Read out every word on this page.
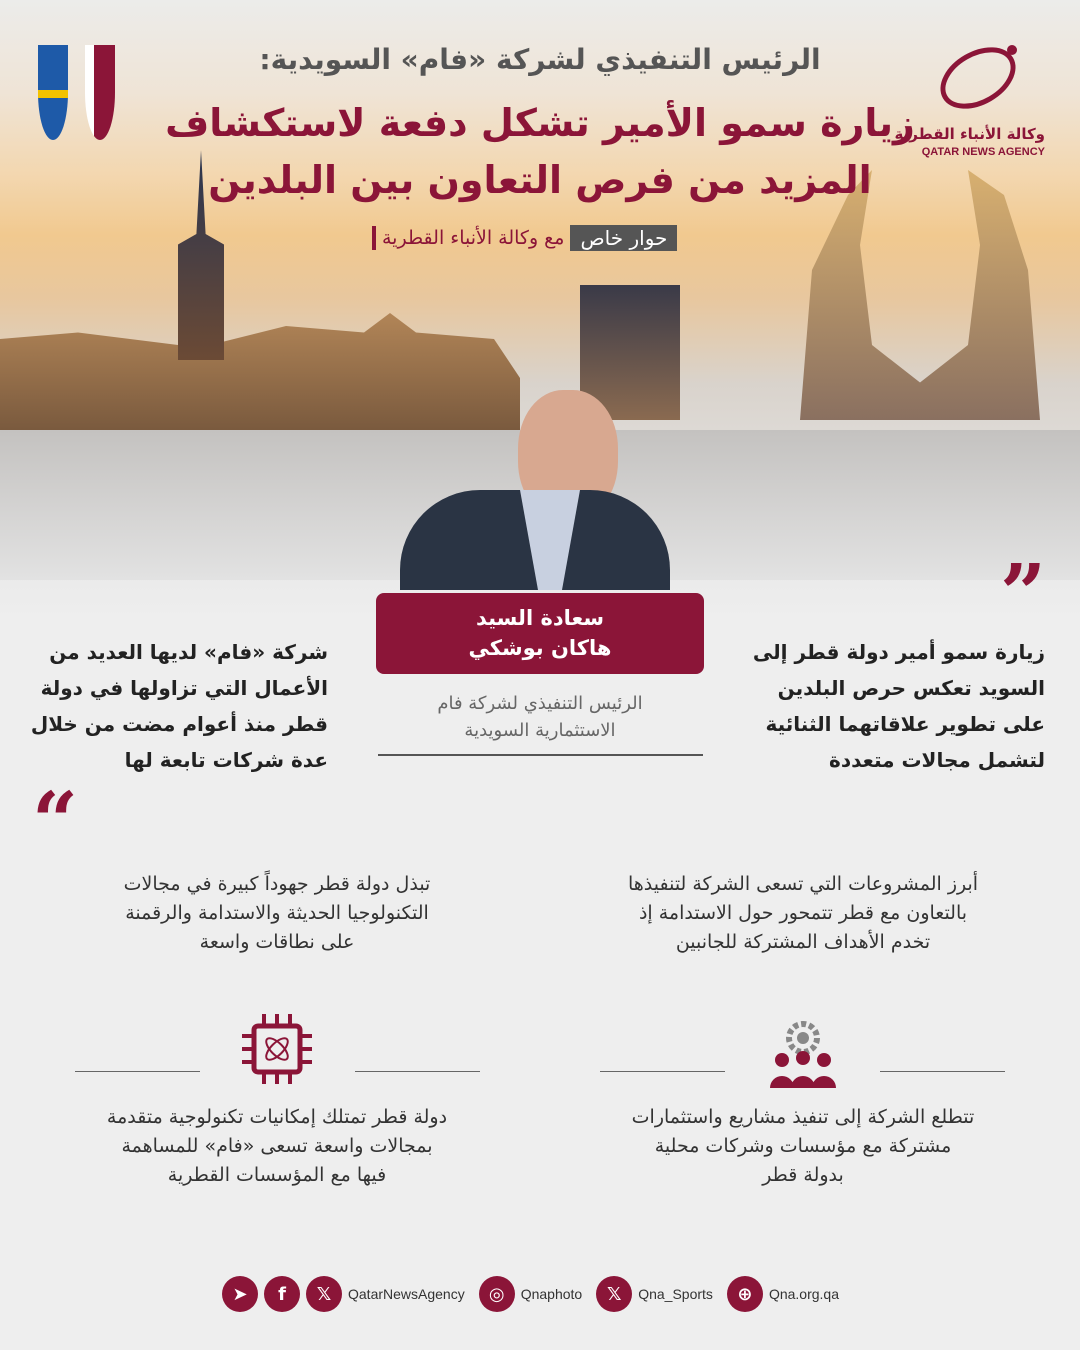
وكالة الأنباء القطرية
QATAR NEWS AGENCY
الرئيس التنفيذي لشركة «فام» السويدية:
زيارة سمو الأمير تشكل دفعة لاستكشاف
المزيد من فرص التعاون بين البلدين
حوار خاص
مع وكالة الأنباء القطرية
سعادة السيد
هاكان بوشكي
الرئيس التنفيذي لشركة فام
الاستثمارية السويدية
”
زيارة سمو أمير دولة قطر إلى
السويد تعكس حرص البلدين
على تطوير علاقاتهما الثنائية
لتشمل مجالات متعددة
شركة «فام» لديها العديد من
الأعمال التي تزاولها في دولة
قطر منذ أعوام مضت من خلال
عدة شركات تابعة لها
“
أبرز المشروعات التي تسعى الشركة لتنفيذها
بالتعاون مع قطر تتمحور حول الاستدامة إذ
تخدم الأهداف المشتركة للجانبين
تبذل دولة قطر جهوداً كبيرة في مجالات
التكنولوجيا الحديثة والاستدامة والرقمنة
على نطاقات واسعة
تتطلع الشركة إلى تنفيذ مشاريع واستثمارات
مشتركة مع مؤسسات وشركات محلية
بدولة قطر
دولة قطر تمتلك إمكانيات تكنولوجية متقدمة
بمجالات واسعة تسعى «فام» للمساهمة
فيها مع المؤسسات القطرية
➤	f	𝕏	QatarNewsAgency	◎	Qnaphoto	𝕏	Qna_Sports	⊕	Qna.org.qa
